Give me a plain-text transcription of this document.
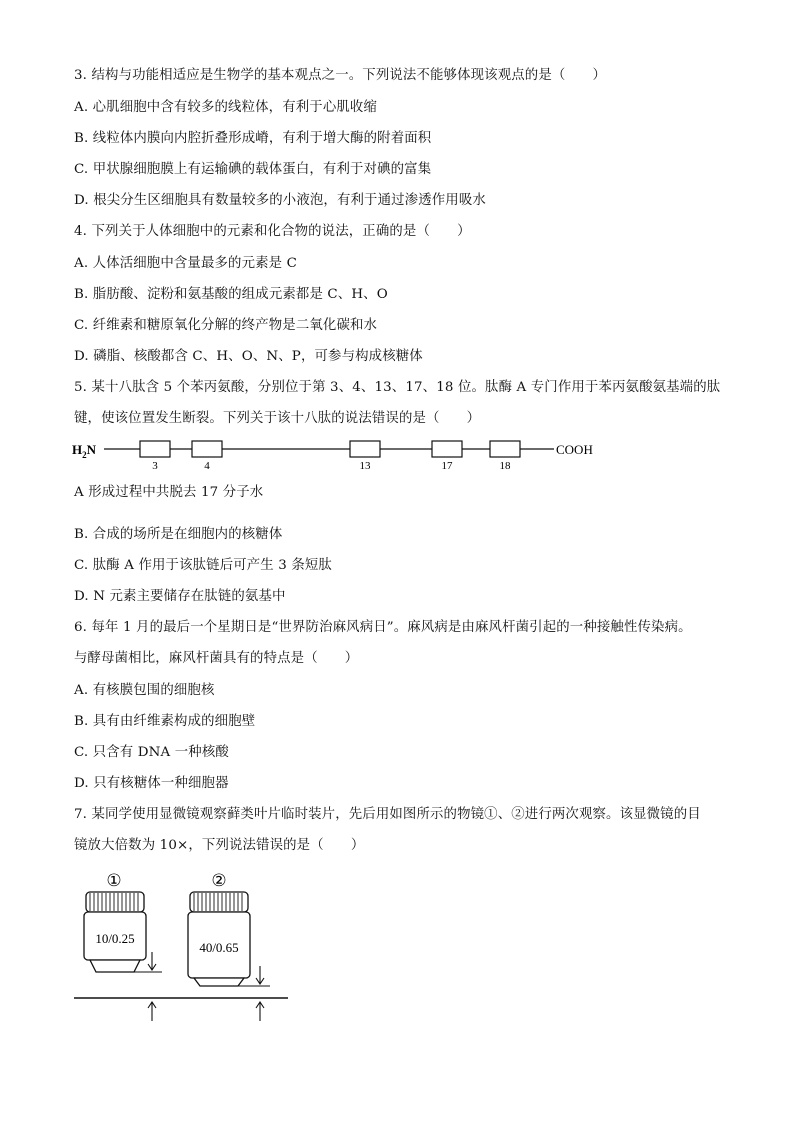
3. 结构与功能相适应是生物学的基本观点之一。下列说法不能够体现该观点的是（　　）
A. 心肌细胞中含有较多的线粒体，有利于心肌收缩
B. 线粒体内膜向内腔折叠形成嵴，有利于增大酶的附着面积
C. 甲状腺细胞膜上有运输碘的载体蛋白，有利于对碘的富集
D. 根尖分生区细胞具有数量较多的小液泡，有利于通过渗透作用吸水
4. 下列关于人体细胞中的元素和化合物的说法，正确的是（　　）
A. 人体活细胞中含量最多的元素是 C
B. 脂肪酸、淀粉和氨基酸的组成元素都是 C、H、O
C. 纤维素和糖原氧化分解的终产物是二氧化碳和水
D. 磷脂、核酸都含 C、H、O、N、P，可参与构成核糖体
5. 某十八肽含 5 个苯丙氨酸，分别位于第 3、4、13、17、18 位。肽酶 A 专门作用于苯丙氨酸氨基端的肽
键，使该位置发生断裂。下列关于该十八肽的说法错误的是（　　）
$H_2N$	COOH
3	4	13	17	18
A 形成过程中共脱去 17 分子水
B. 合成的场所是在细胞内的核糖体
C. 肽酶 A 作用于该肽链后可产生 3 条短肽
D. N 元素主要储存在肽链的氨基中
6. 每年 1 月的最后一个星期日是“世界防治麻风病日”。麻风病是由麻风杆菌引起的一种接触性传染病。
与酵母菌相比，麻风杆菌具有的特点是（　　）
A. 有核膜包围的细胞核
B. 具有由纤维素构成的细胞壁
C. 只含有 DNA 一种核酸
D. 只有核糖体一种细胞器
7. 某同学使用显微镜观察藓类叶片临时装片，先后用如图所示的物镜①、②进行两次观察。该显微镜的目
镜放大倍数为 10×，下列说法错误的是（　　）
①
10/0.25
②
40/0.65
